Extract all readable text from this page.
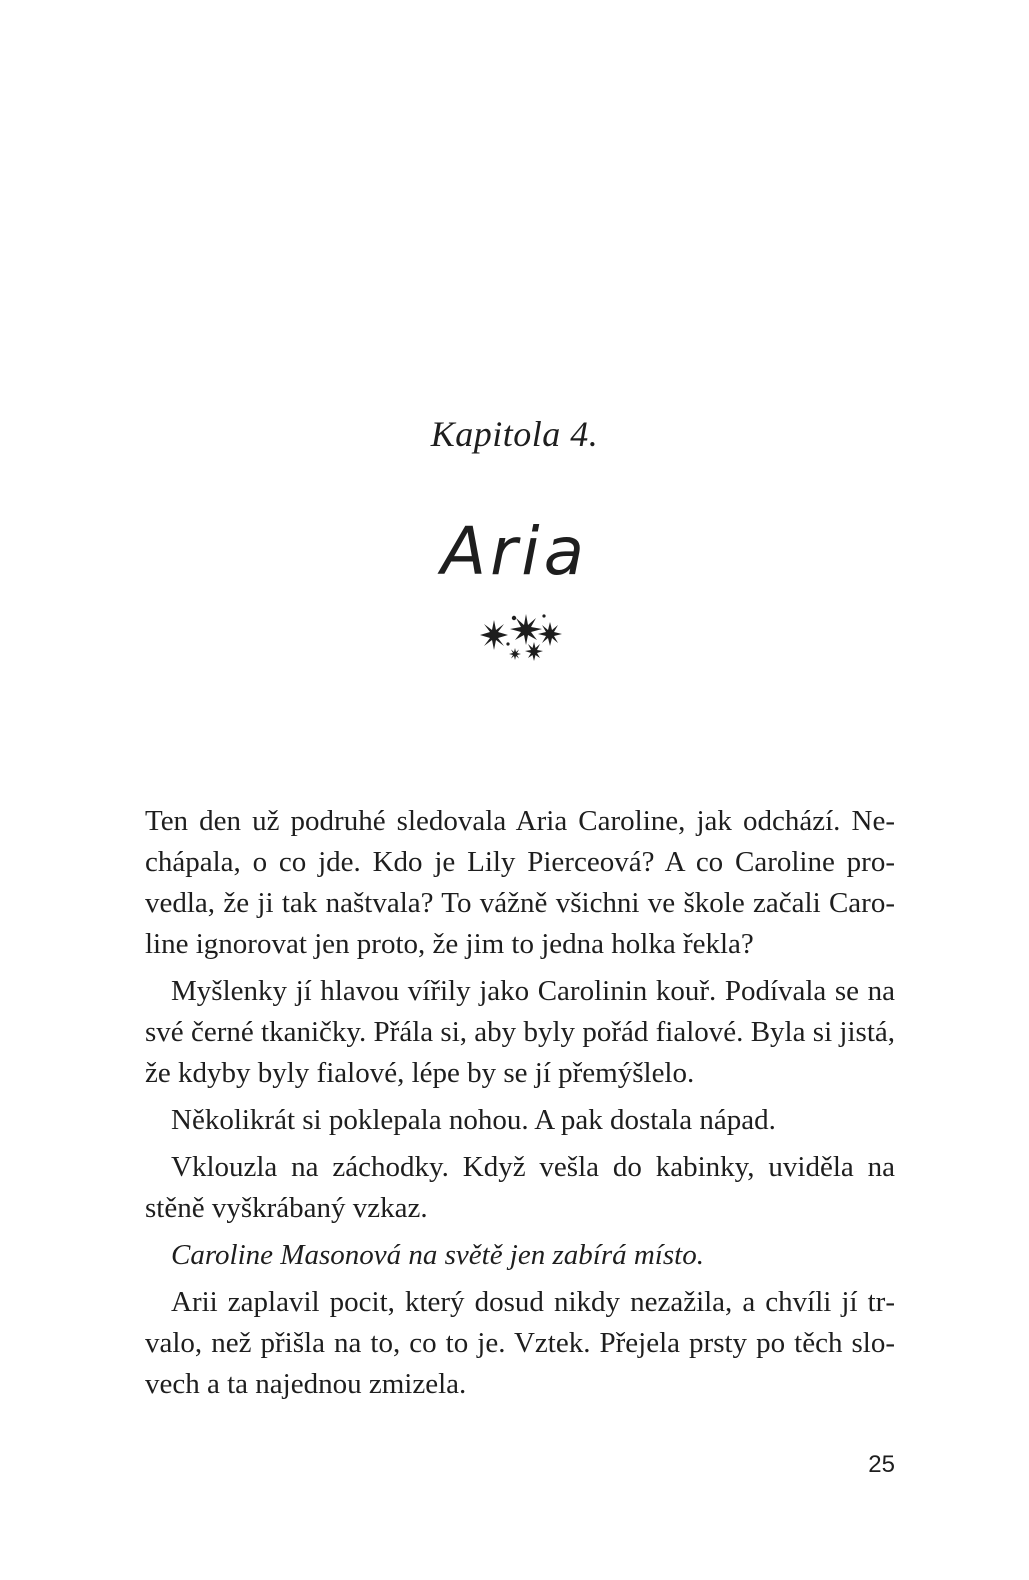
Kapitola 4.
Aria

Ten den už podruhé sledovala Aria Caroline, jak odchází. Nechápala, o co jde. Kdo je Lily Pierceová? A co Caroline provedla, že ji tak naštvala? To vážně všichni ve škole začali Caroline ignorovat jen proto, že jim to jedna holka řekla?

Myšlenky jí hlavou vířily jako Carolinin kouř. Podívala se na své černé tkaničky. Přála si, aby byly pořád fialové. Byla si jistá, že kdyby byly fialové, lépe by se jí přemýšlelo.

Několikrát si poklepala nohou. A pak dostala nápad.

Vklouzla na záchodky. Když vešla do kabinky, uviděla na stěně vyškrábaný vzkaz.

Caroline Masonová na světě jen zabírá místo.

Arii zaplavil pocit, který dosud nikdy nezažila, a chvíli jí trvalo, než přišla na to, co to je. Vztek. Přejela prsty po těch slovech a ta najednou zmizela.

25
